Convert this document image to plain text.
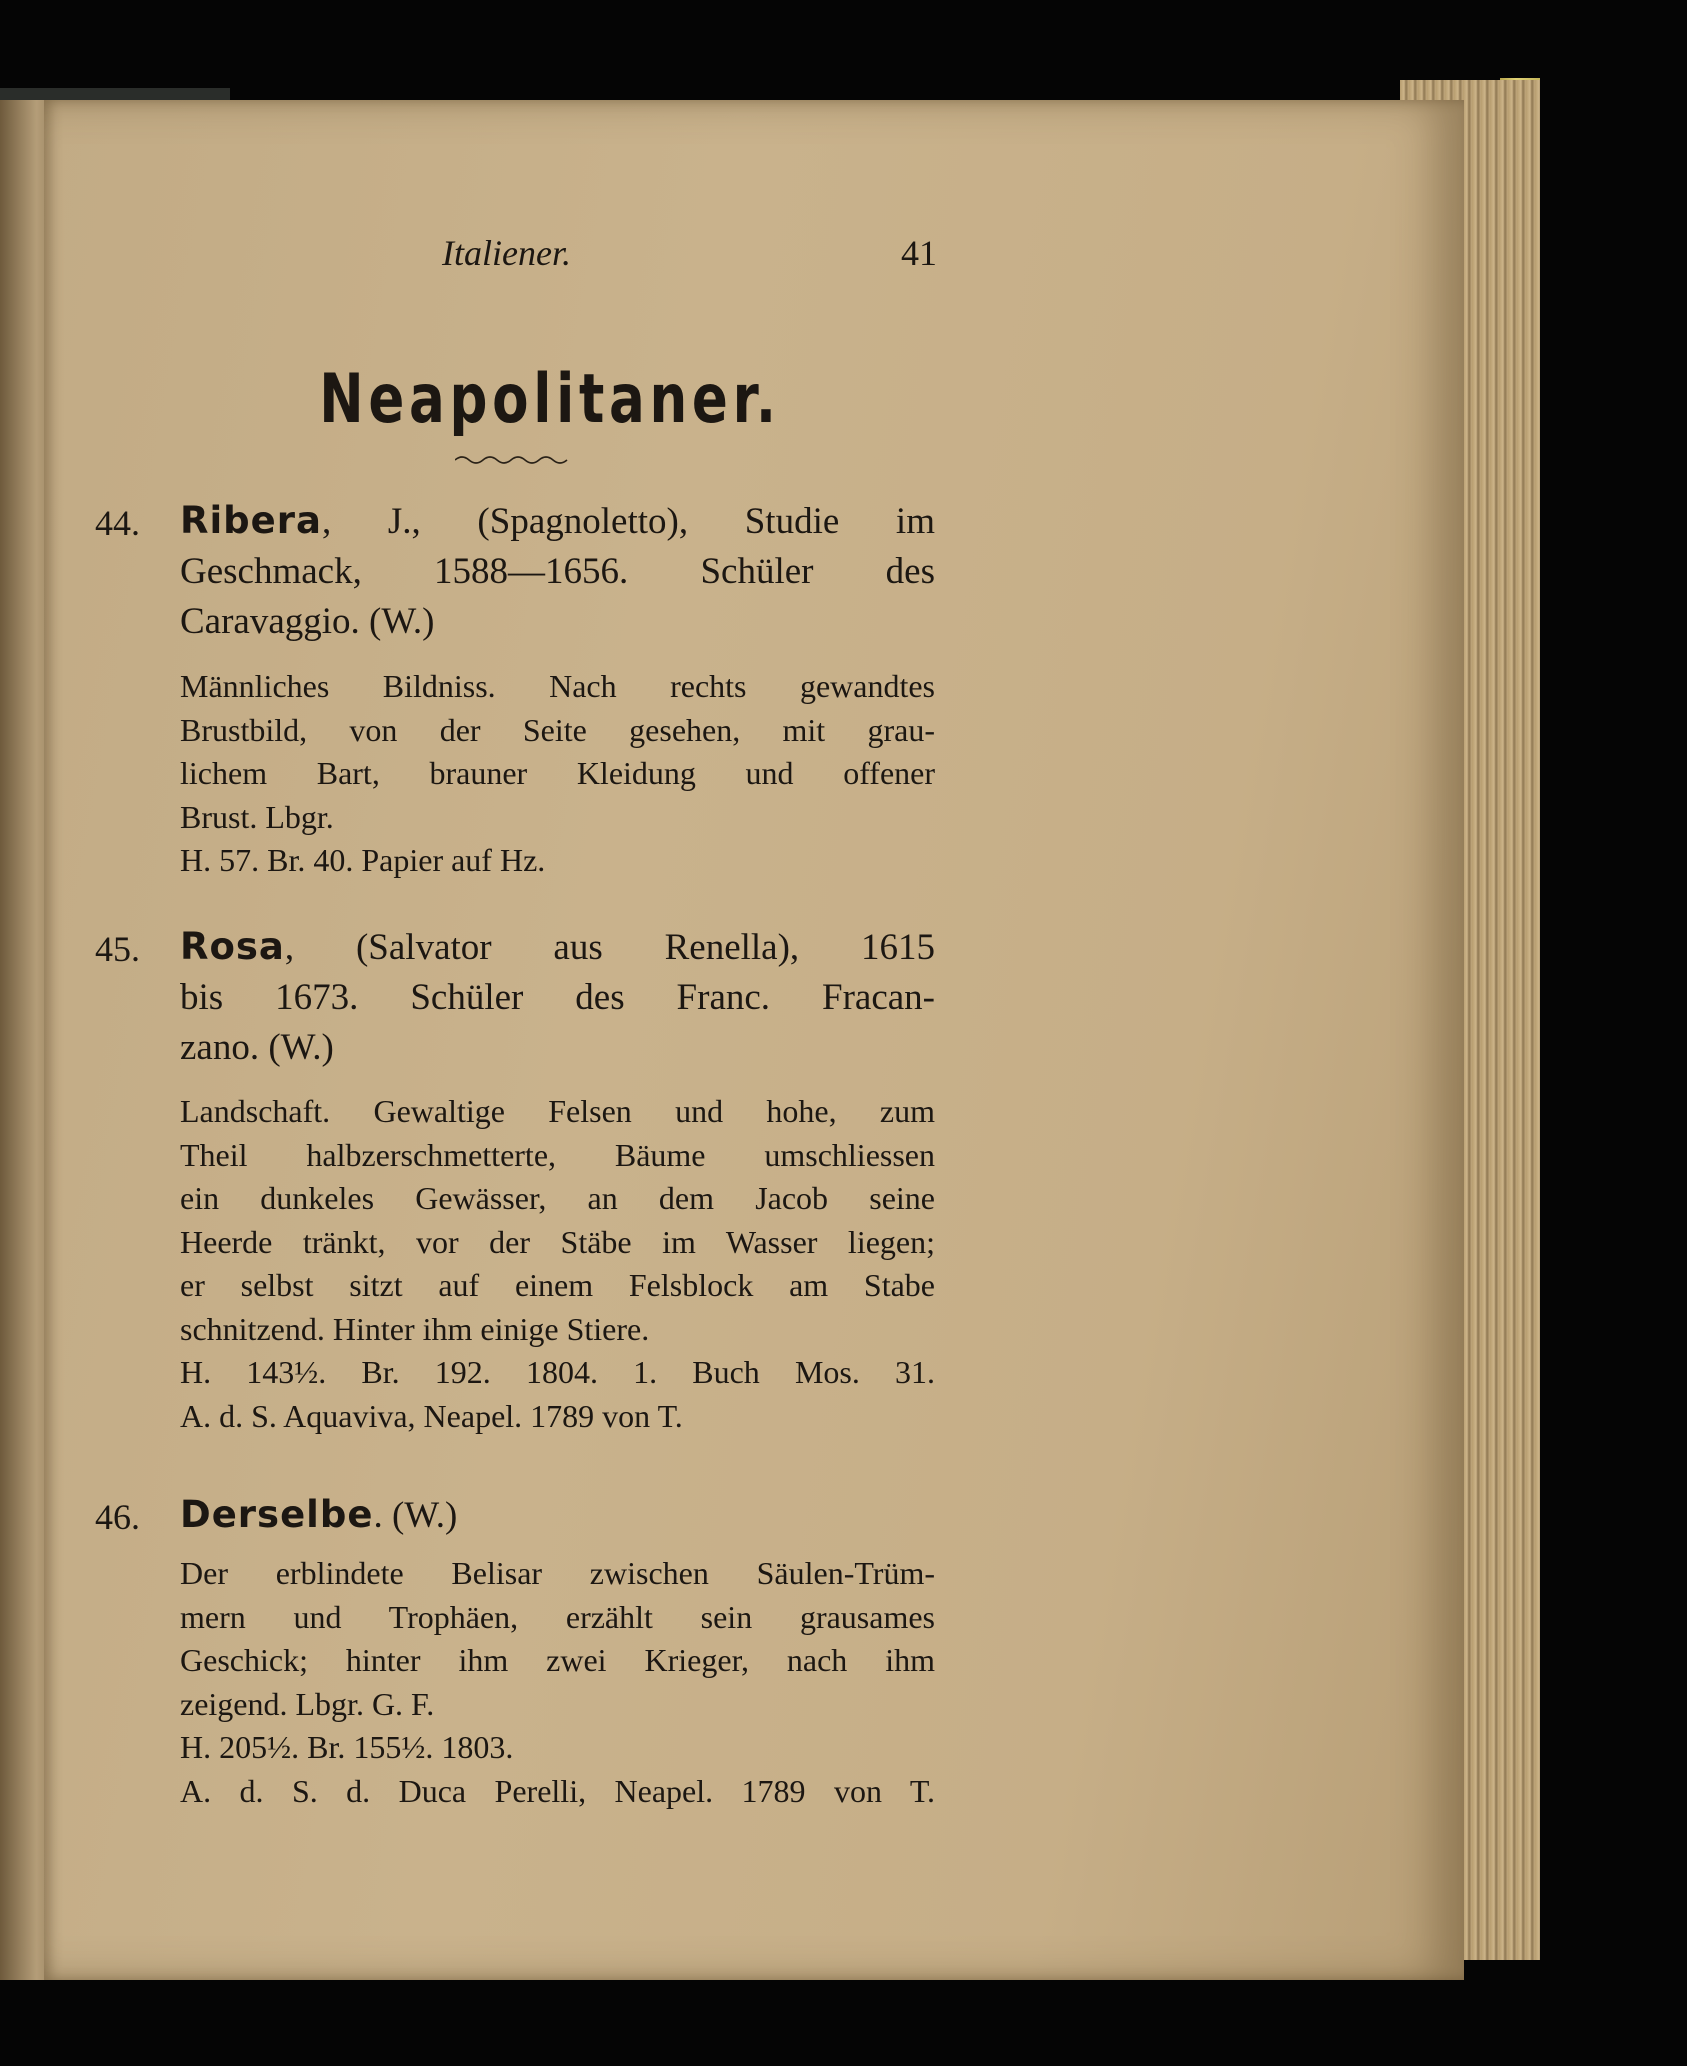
Italiener.	41
Neapolitaner.
44. Ribera, J., (Spagnoletto), Studie im
Geschmack, 1588—1656. Schüler des
Caravaggio. (W.)
Männliches Bildniss. Nach rechts gewandtes
Brustbild, von der Seite gesehen, mit grau-
lichem Bart, brauner Kleidung und offener
Brust. Lbgr.
H. 57. Br. 40. Papier auf Hz.
45. Rosa, (Salvator aus Renella), 1615
bis 1673. Schüler des Franc. Fracan-
zano. (W.)
Landschaft. Gewaltige Felsen und hohe, zum
Theil halbzerschmetterte, Bäume umschliessen
ein dunkeles Gewässer, an dem Jacob seine
Heerde tränkt, vor der Stäbe im Wasser liegen;
er selbst sitzt auf einem Felsblock am Stabe
schnitzend. Hinter ihm einige Stiere.
H. 143½. Br. 192. 1804. 1. Buch Mos. 31.
A. d. S. Aquaviva, Neapel. 1789 von T.
46. Derselbe. (W.)
Der erblindete Belisar zwischen Säulen-Trüm-
mern und Trophäen, erzählt sein grausames
Geschick; hinter ihm zwei Krieger, nach ihm
zeigend. Lbgr. G. F.
H. 205½. Br. 155½. 1803.
A. d. S. d. Duca Perelli, Neapel. 1789 von T.
